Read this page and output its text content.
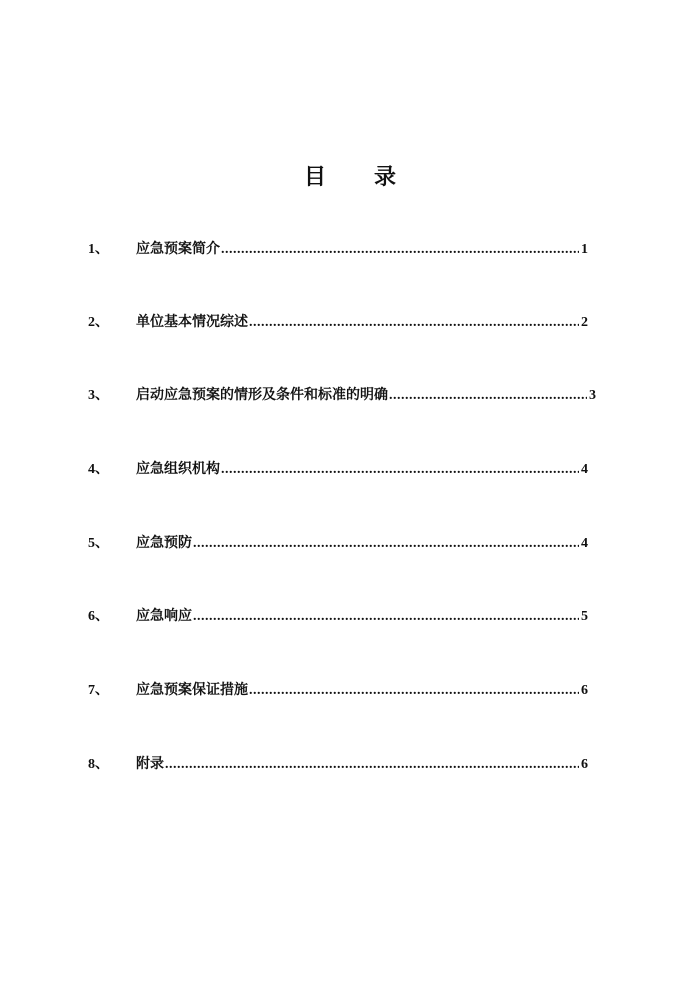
目 录
1、	应急预案简介 .....	1
2、	单位基本情况综述 .....	2
3、	启动应急预案的情形及条件和标准的明确 .....	3
4、	应急组织机构 .....	4
5、	应急预防 .....	4
6、	应急响应 .....	5
7、	应急预案保证措施 .....	6
8、	附录 .....	6
